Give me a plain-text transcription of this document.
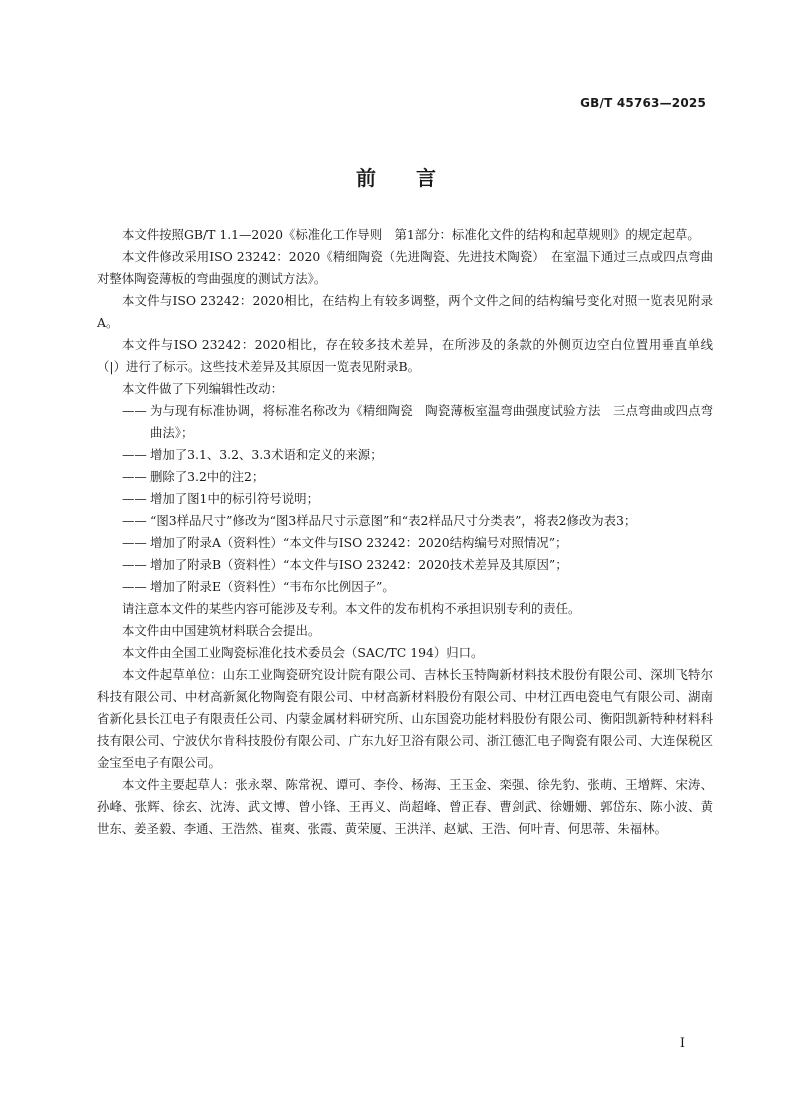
GB/T 45763—2025
前言

本文件按照GB/T 1.1—2020《标准化工作导则　第1部分：标准化文件的结构和起草规则》的规定起草。

本文件修改采用ISO 23242：2020《精细陶瓷（先进陶瓷、先进技术陶瓷）　在室温下通过三点或四点弯曲对整体陶瓷薄板的弯曲强度的测试方法》。

本文件与ISO 23242：2020相比，在结构上有较多调整，两个文件之间的结构编号变化对照一览表见附录A。

本文件与ISO 23242：2020相比，存在较多技术差异，在所涉及的条款的外侧页边空白位置用垂直单线（|）进行了标示。这些技术差异及其原因一览表见附录B。

本文件做了下列编辑性改动：

—— 为与现有标准协调，将标准名称改为《精细陶瓷　陶瓷薄板室温弯曲强度试验方法　三点弯曲或四点弯曲法》；

—— 增加了3.1、3.2、3.3术语和定义的来源；

—— 删除了3.2中的注2；

—— 增加了图1中的标引符号说明；

—— “图3样品尺寸”修改为“图3样品尺寸示意图”和“表2样品尺寸分类表”，将表2修改为表3；

—— 增加了附录A（资料性）“本文件与ISO 23242：2020结构编号对照情况”；

—— 增加了附录B（资料性）“本文件与ISO 23242：2020技术差异及其原因”；

—— 增加了附录E（资料性）“韦布尔比例因子”。

请注意本文件的某些内容可能涉及专利。本文件的发布机构不承担识别专利的责任。

本文件由中国建筑材料联合会提出。

本文件由全国工业陶瓷标准化技术委员会（SAC/TC 194）归口。

本文件起草单位：山东工业陶瓷研究设计院有限公司、吉林长玉特陶新材料技术股份有限公司、深圳飞特尔科技有限公司、中材高新氮化物陶瓷有限公司、中材高新材料股份有限公司、中材江西电瓷电气有限公司、湖南省新化县长江电子有限责任公司、内蒙金属材料研究所、山东国瓷功能材料股份有限公司、衡阳凯新特种材料科技有限公司、宁波伏尔肯科技股份有限公司、广东九好卫浴有限公司、浙江德汇电子陶瓷有限公司、大连保税区金宝至电子有限公司。

本文件主要起草人：张永翠、陈常祝、谭可、李伶、杨海、王玉金、栾强、徐先豹、张萌、王增辉、宋涛、孙峰、张辉、徐玄、沈涛、武文博、曾小锋、王再义、尚超峰、曾正春、曹剑武、徐姗姗、郭岱东、陈小波、黄世东、姜圣毅、李通、王浩然、崔爽、张霞、黄荣厦、王洪洋、赵斌、王浩、何叶青、何思蒂、朱福林。

I
